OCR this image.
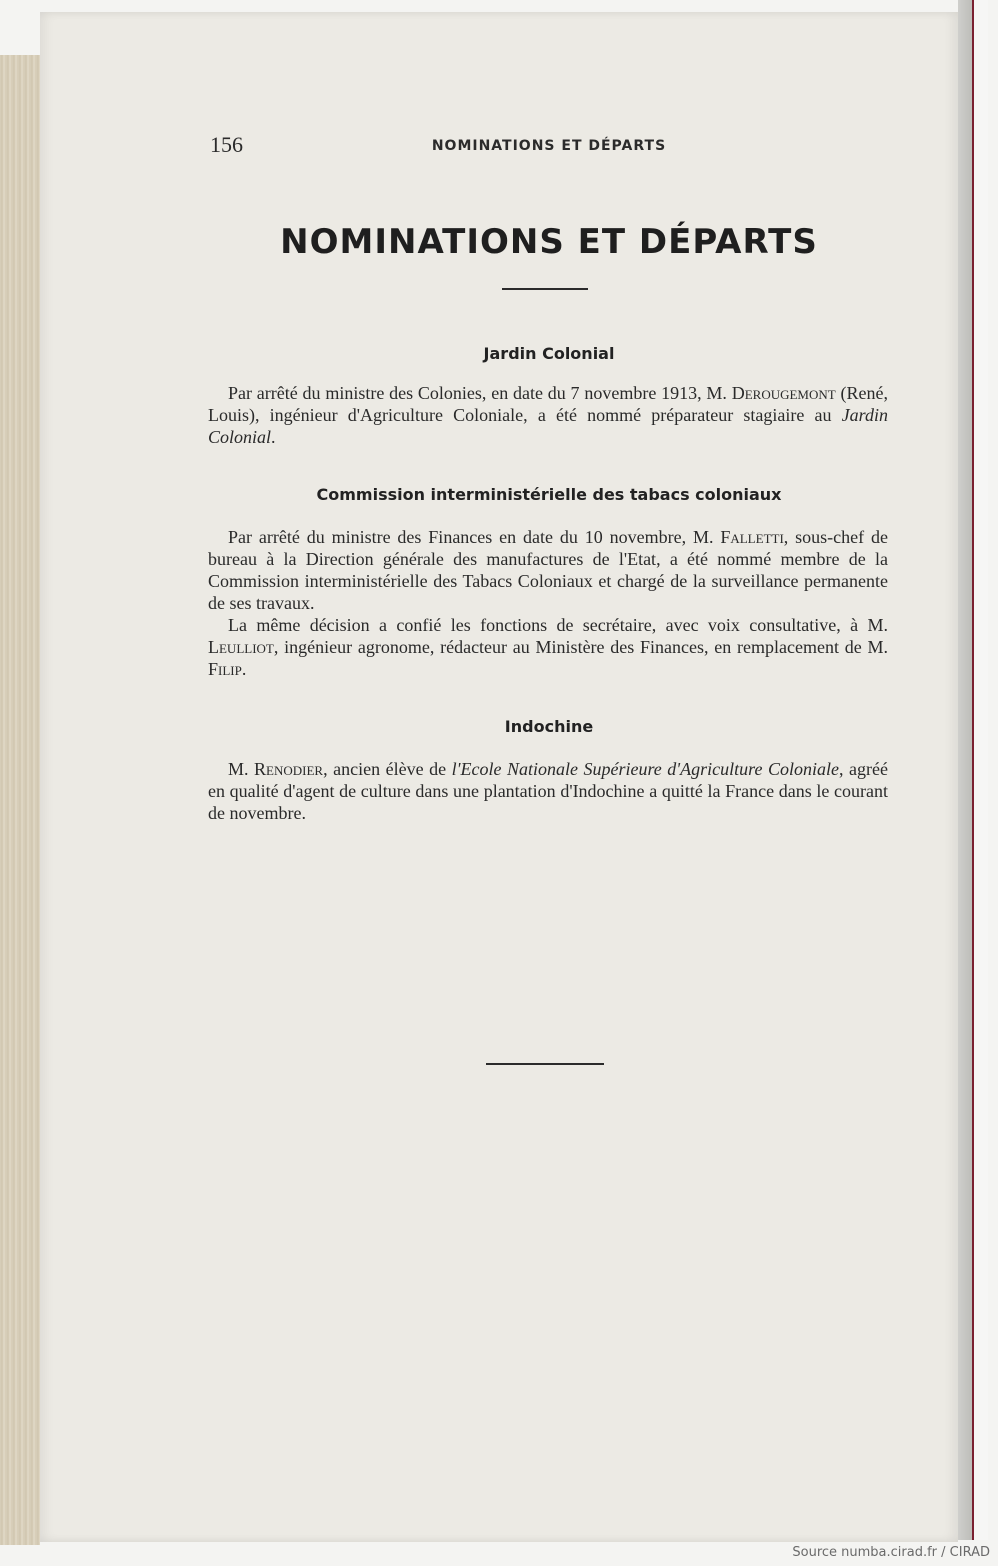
156	NOMINATIONS ET DÉPARTS
NOMINATIONS ET DÉPARTS
Jardin Colonial

Par arrêté du ministre des Colonies, en date du 7 novembre 1913, M. Derougemont (René, Louis), ingénieur d'Agriculture Coloniale, a été nommé préparateur stagiaire au Jardin Colonial.

Commission interministérielle des tabacs coloniaux

Par arrêté du ministre des Finances en date du 10 novembre, M. Falletti, sous-chef de bureau à la Direction générale des manufactures de l'Etat, a été nommé membre de la Commission interministérielle des Tabacs Coloniaux et chargé de la surveillance permanente de ses travaux.

La même décision a confié les fonctions de secrétaire, avec voix consultative, à M. Leulliot, ingénieur agronome, rédacteur au Ministère des Finances, en remplacement de M. Filip.

Indochine

M. Renodier, ancien élève de l'Ecole Nationale Supérieure d'Agriculture Coloniale, agréé en qualité d'agent de culture dans une plantation d'Indochine a quitté la France dans le courant de novembre.

Source numba.cirad.fr / CIRAD
